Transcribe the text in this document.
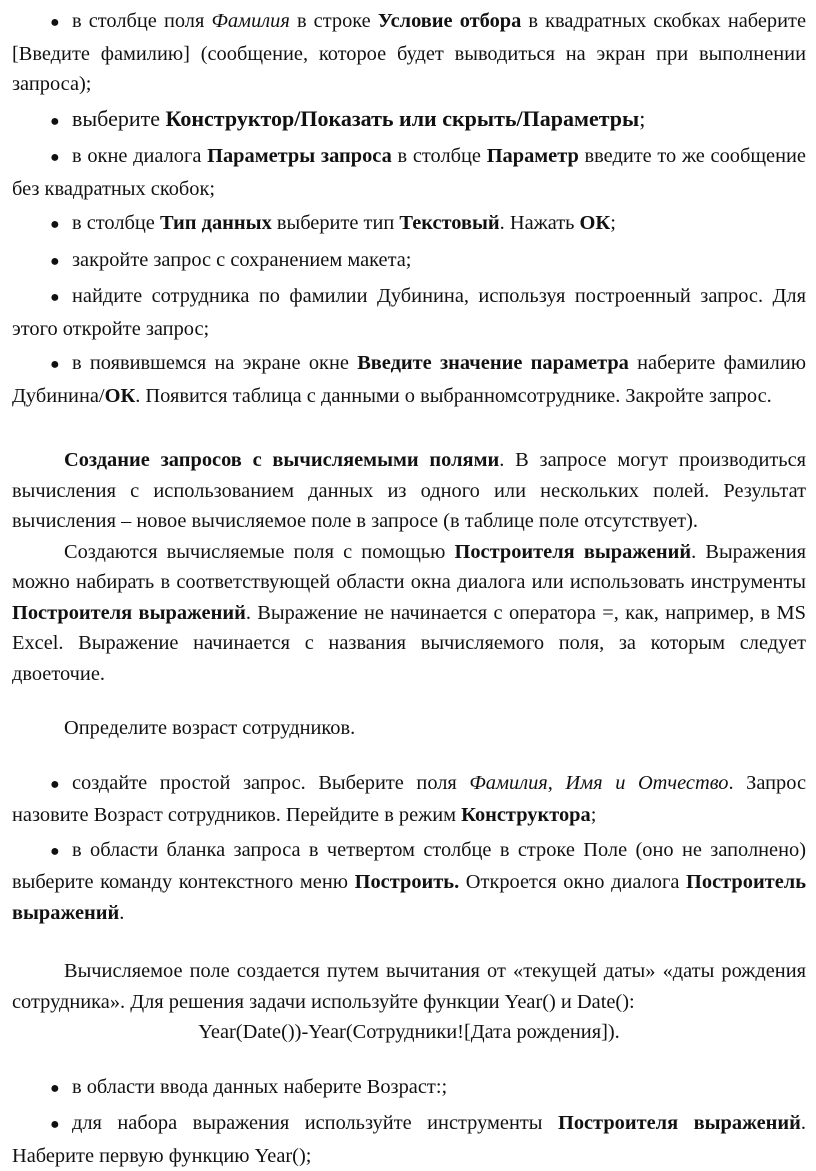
● в столбце поля Фамилия в строке Условие отбора в квадратных скобках наберите [Введите фамилию] (сообщение, которое будет выводиться на экран при выполнении запроса);

● выберите Конструктор/Показать или скрыть/Параметры;

● в окне диалога Параметры запроса в столбце Параметр введите то же сообщение без квадратных скобок;

● в столбце Тип данных выберите тип Текстовый. Нажать ОК;

● закройте запрос с сохранением макета;

● найдите сотрудника по фамилии Дубинина, используя построенный запрос. Для этого откройте запрос;

● в появившемся на экране окне Введите значение параметра наберите фамилию Дубинина/ОК. Появится таблица с данными о выбранномсотруднике. Закройте запрос.

Создание запросов с вычисляемыми полями. В запросе могут производиться вычисления с использованием данных из одного или нескольких полей. Результат вычисления – новое вычисляемое поле в запросе (в таблице поле отсутствует).

Создаются вычисляемые поля с помощью Построителя выражений. Выражения можно набирать в соответствующей области окна диалога или использовать инструменты Построителя выражений. Выражение не начинается с оператора =, как, например, в MS Excel. Выражение начинается с названия вычисляемого поля, за которым следует двоеточие.

Определите возраст сотрудников.

● создайте простой запрос. Выберите поля Фамилия, Имя и Отчество. Запрос назовите Возраст сотрудников. Перейдите в режим Конструктора;

● в области бланка запроса в четвертом столбце в строке Поле (оно не заполнено) выберите команду контекстного меню Построить. Откроется окно диалога Построитель выражений.

Вычисляемое поле создается путем вычитания от «текущей даты» «даты рождения сотрудника». Для решения задачи используйте функции Year() и Date():

Year(Date())-Year(Сотрудники![Дата рождения]).

● в области ввода данных наберите Возраст:;

● для набора выражения используйте инструменты Построителя выражений. Наберите первую функцию Year();
